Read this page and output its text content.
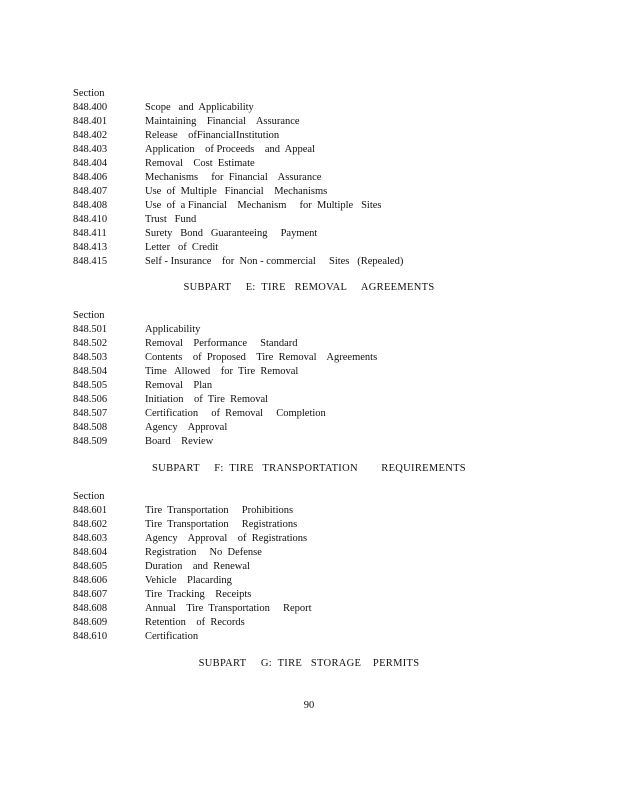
Section
848.400	Scope   and  Applicability
848.401	Maintaining    Financial    Assurance
848.402	Release    ofFinancialInstitution
848.403	Application    of Proceeds    and  Appeal
848.404	Removal    Cost  Estimate
848.406	Mechanisms     for  Financial    Assurance
848.407	Use  of  Multiple   Financial    Mechanisms
848.408	Use  of  a Financial    Mechanism     for  Multiple   Sites
848.410	Trust   Fund
848.411	Surety   Bond   Guaranteeing     Payment
848.413	Letter   of  Credit
848.415	Self - Insurance    for  Non - commercial     Sites   (Repealed)
SUBPART     E:  TIRE   REMOVAL     AGREEMENTS
Section
848.501	Applicability
848.502	Removal    Performance     Standard
848.503	Contents    of  Proposed    Tire  Removal    Agreements
848.504	Time   Allowed    for  Tire  Removal
848.505	Removal    Plan
848.506	Initiation    of  Tire  Removal
848.507	Certification     of  Removal     Completion
848.508	Agency    Approval
848.509	Board    Review
SUBPART     F:  TIRE   TRANSPORTATION        REQUIREMENTS
Section
848.601	Tire  Transportation     Prohibitions
848.602	Tire  Transportation     Registrations
848.603	Agency    Approval    of  Registrations
848.604	Registration     No  Defense
848.605	Duration    and  Renewal
848.606	Vehicle    Placarding
848.607	Tire  Tracking    Receipts
848.608	Annual    Tire  Transportation     Report
848.609	Retention    of  Records
848.610	Certification
SUBPART     G:  TIRE   STORAGE    PERMITS
90
